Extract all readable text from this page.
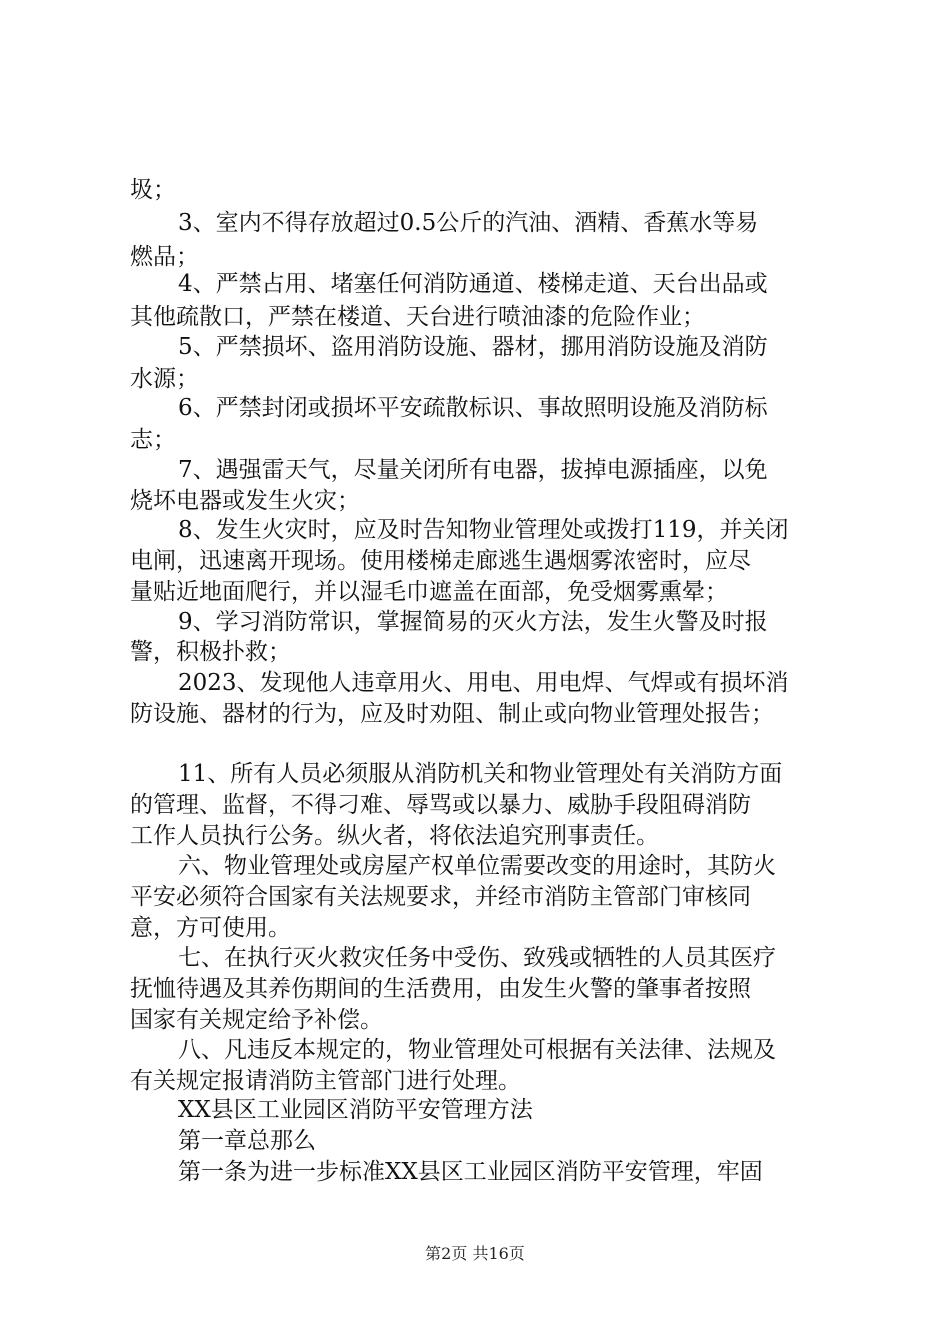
圾；
3、室内不得存放超过0.5公斤的汽油、酒精、香蕉水等易
燃品；
4、严禁占用、堵塞任何消防通道、楼梯走道、天台出品或
其他疏散口，严禁在楼道、天台进行喷油漆的危险作业；
5、严禁损坏、盗用消防设施、器材，挪用消防设施及消防
水源；
6、严禁封闭或损坏平安疏散标识、事故照明设施及消防标
志；
7、遇强雷天气，尽量关闭所有电器，拔掉电源插座，以免
烧坏电器或发生火灾；
8、发生火灾时，应及时告知物业管理处或拨打119，并关闭
电闸，迅速离开现场。使用楼梯走廊逃生遇烟雾浓密时，应尽
量贴近地面爬行，并以湿毛巾遮盖在面部，免受烟雾熏晕；
9、学习消防常识，掌握简易的灭火方法，发生火警及时报
警，积极扑救；
2023、发现他人违章用火、用电、用电焊、气焊或有损坏消
防设施、器材的行为，应及时劝阻、制止或向物业管理处报告；
11、所有人员必须服从消防机关和物业管理处有关消防方面
的管理、监督，不得刁难、辱骂或以暴力、威胁手段阻碍消防
工作人员执行公务。纵火者，将依法追究刑事责任。
六、物业管理处或房屋产权单位需要改变的用途时，其防火
平安必须符合国家有关法规要求，并经市消防主管部门审核同
意，方可使用。
七、在执行灭火救灾任务中受伤、致残或牺牲的人员其医疗
抚恤待遇及其养伤期间的生活费用，由发生火警的肇事者按照
国家有关规定给予补偿。
八、凡违反本规定的，物业管理处可根据有关法律、法规及
有关规定报请消防主管部门进行处理。
XX县区工业园区消防平安管理方法
第一章总那么
第一条为进一步标准XX县区工业园区消防平安管理，牢固
第2页 共16页
